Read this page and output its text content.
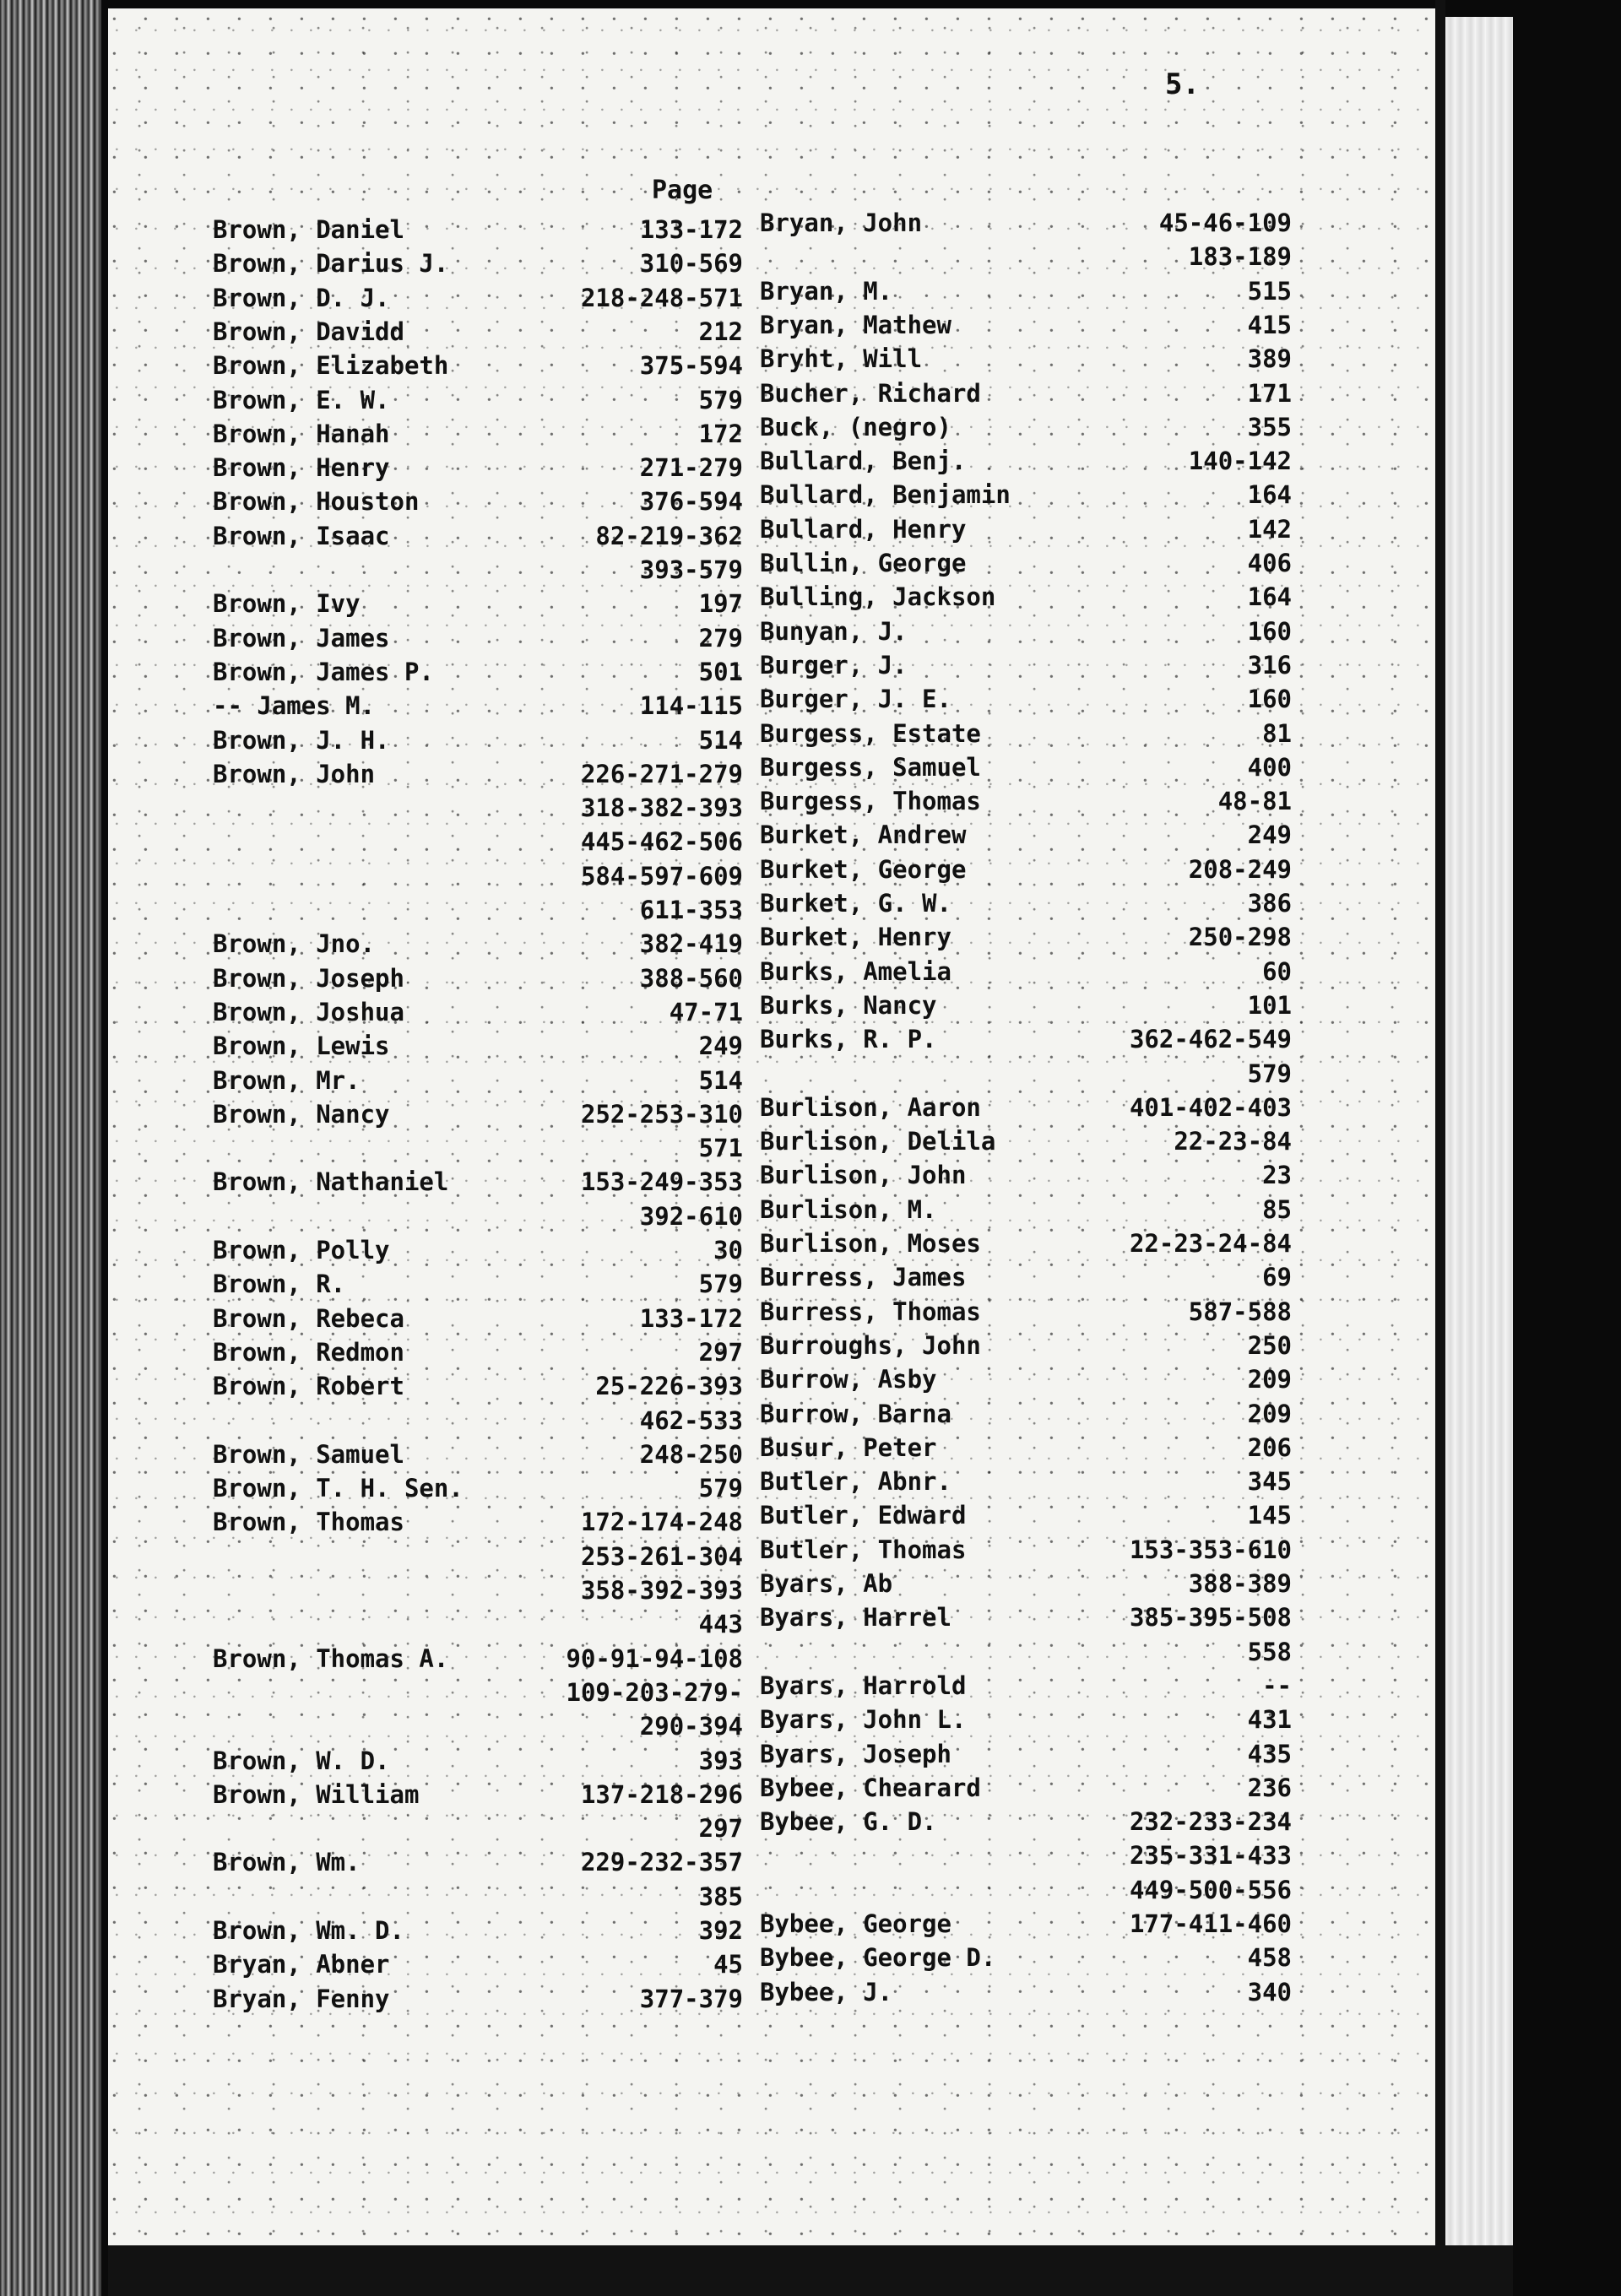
5.
Page
Brown, Daniel	133-172
Brown, Darius J.	310-569
Brown, D. J.	218-248-571
Brown, Davidd	212
Brown, Elizabeth	375-594
Brown, E. W.	579
Brown, Hanah	172
Brown, Henry	271-279
Brown, Houston	376-594
Brown, Isaac	82-219-362
393-579
Brown, Ivy	197
Brown, James	279
Brown, James P.	501
-- James M.	114-115
Brown, J. H.	514
Brown, John	226-271-279
318-382-393
445-462-506
584-597-609
611-353
Brown, Jno.	382-419
Brown, Joseph	388-560
Brown, Joshua	47-71
Brown, Lewis	249
Brown, Mr.	514
Brown, Nancy	252-253-310
571
Brown, Nathaniel	153-249-353
392-610
Brown, Polly	30
Brown, R.	579
Brown, Rebeca	133-172
Brown, Redmon	297
Brown, Robert	25-226-393
462-533
Brown, Samuel	248-250
Brown, T. H. Sen.	579
Brown, Thomas	172-174-248
253-261-304
358-392-393
443
Brown, Thomas A.	90-91-94-108
109-203-279-
290-394
Brown, W. D.	393
Brown, William	137-218-296
297
Brown, Wm.	229-232-357
385
Brown, Wm. D.	392
Bryan, Abner	45
Bryan, Fenny	377-379
Bryan, John	45-46-109
183-189
Bryan, M.	515
Bryan, Mathew	415
Bryht, Will	389
Bucher, Richard	171
Buck, (negro)	355
Bullard, Benj.	140-142
Bullard, Benjamin	164
Bullard, Henry	142
Bullin, George	406
Bulling, Jackson	164
Bunyan, J.	160
Burger, J.	316
Burger, J. E.	160
Burgess, Estate	81
Burgess, Samuel	400
Burgess, Thomas	48-81
Burket, Andrew	249
Burket, George	208-249
Burket, G. W.	386
Burket, Henry	250-298
Burks, Amelia	60
Burks, Nancy	101
Burks, R. P.	362-462-549
579
Burlison, Aaron	401-402-403
Burlison, Delila	22-23-84
Burlison, John	23
Burlison, M.	85
Burlison, Moses	22-23-24-84
Burress, James	69
Burress, Thomas	587-588
Burroughs, John	250
Burrow, Asby	209
Burrow, Barna	209
Busur, Peter	206
Butler, Abnr.	345
Butler, Edward	145
Butler, Thomas	153-353-610
Byars, Ab	388-389
Byars, Harrel	385-395-508
558
Byars, Harrold	--
Byars, John L.	431
Byars, Joseph	435
Bybee, Chearard	236
Bybee, G. D.	232-233-234
235-331-433
449-500-556
Bybee, George	177-411-460
Bybee, George D.	458
Bybee, J.	340
